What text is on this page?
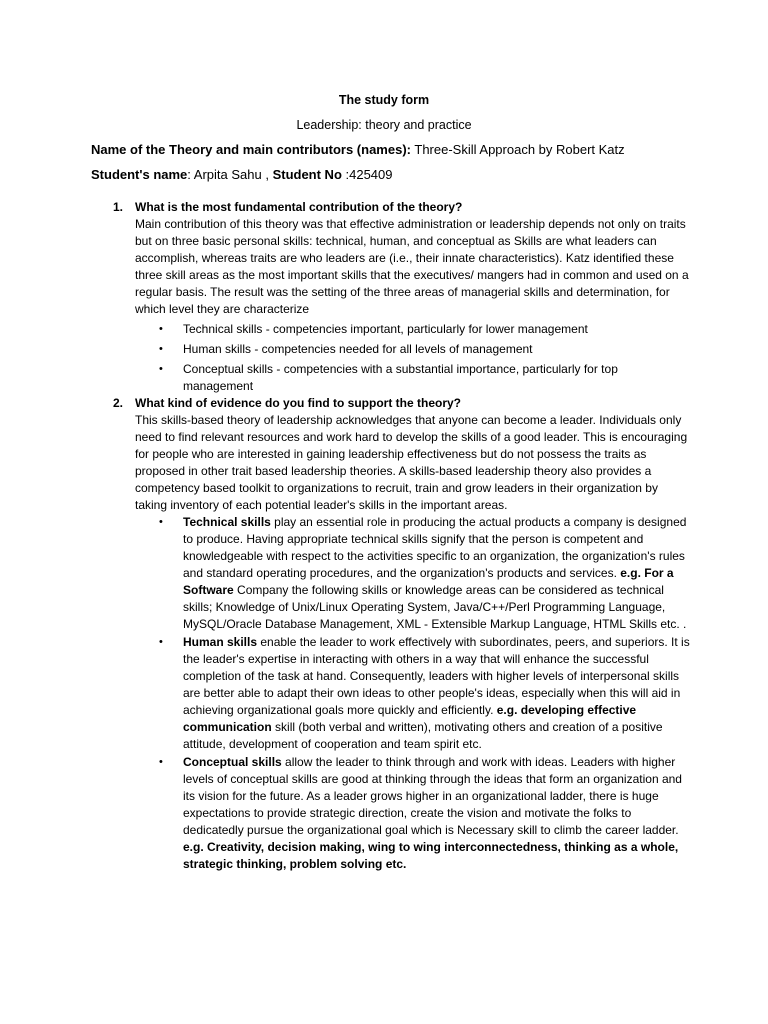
The study form
Leadership: theory and practice
Name of the Theory and main contributors (names): Three-Skill Approach by Robert Katz
Student's name: Arpita Sahu , Student No :425409
1. What is the most fundamental contribution of the theory?

Main contribution of this theory was that effective administration or leadership depends not only on traits but on three basic personal skills: technical, human, and conceptual as Skills are what leaders can accomplish, whereas traits are who leaders are (i.e., their innate characteristics). Katz identified these three skill areas as the most important skills that the executives/ mangers had in common and used on a regular basis. The result was the setting of the three areas of managerial skills and determination, for which level they are characterize

•	Technical skills - competencies important, particularly for lower management
•	Human skills - competencies needed for all levels of management
•	Conceptual skills - competencies with a substantial importance, particularly for top management
2. What kind of evidence do you find to support the theory?

This skills-based theory of leadership acknowledges that anyone can become a leader. Individuals only need to find relevant resources and work hard to develop the skills of a good leader. This is encouraging for people who are interested in gaining leadership effectiveness but do not possess the traits as proposed in other trait based leadership theories. A skills-based leadership theory also provides a competency based toolkit to organizations to recruit, train and grow leaders in their organization by taking inventory of each potential leader's skills in the important areas.

•	Technical skills play an essential role in producing the actual products a company is designed to produce. Having appropriate technical skills signify that the person is competent and knowledgeable with respect to the activities specific to an organization, the organization's rules and standard operating procedures, and the organization's products and services. e.g. For a Software Company the following skills or knowledge areas can be considered as technical skills; Knowledge of Unix/Linux Operating System, Java/C++/Perl Programming Language, MySQL/Oracle Database Management, XML - Extensible Markup Language, HTML Skills etc. .
•	Human skills enable the leader to work effectively with subordinates, peers, and superiors. It is the leader's expertise in interacting with others in a way that will enhance the successful completion of the task at hand. Consequently, leaders with higher levels of interpersonal skills are better able to adapt their own ideas to other people's ideas, especially when this will aid in achieving organizational goals more quickly and efficiently. e.g. developing effective communication skill (both verbal and written), motivating others and creation of a positive attitude, development of cooperation and team spirit etc.
•	Conceptual skills allow the leader to think through and work with ideas. Leaders with higher levels of conceptual skills are good at thinking through the ideas that form an organization and its vision for the future. As a leader grows higher in an organizational ladder, there is huge expectations to provide strategic direction, create the vision and motivate the folks to dedicatedly pursue the organizational goal which is Necessary skill to climb the career ladder. e.g. Creativity, decision making, wing to wing interconnectedness, thinking as a whole, strategic thinking, problem solving etc.
